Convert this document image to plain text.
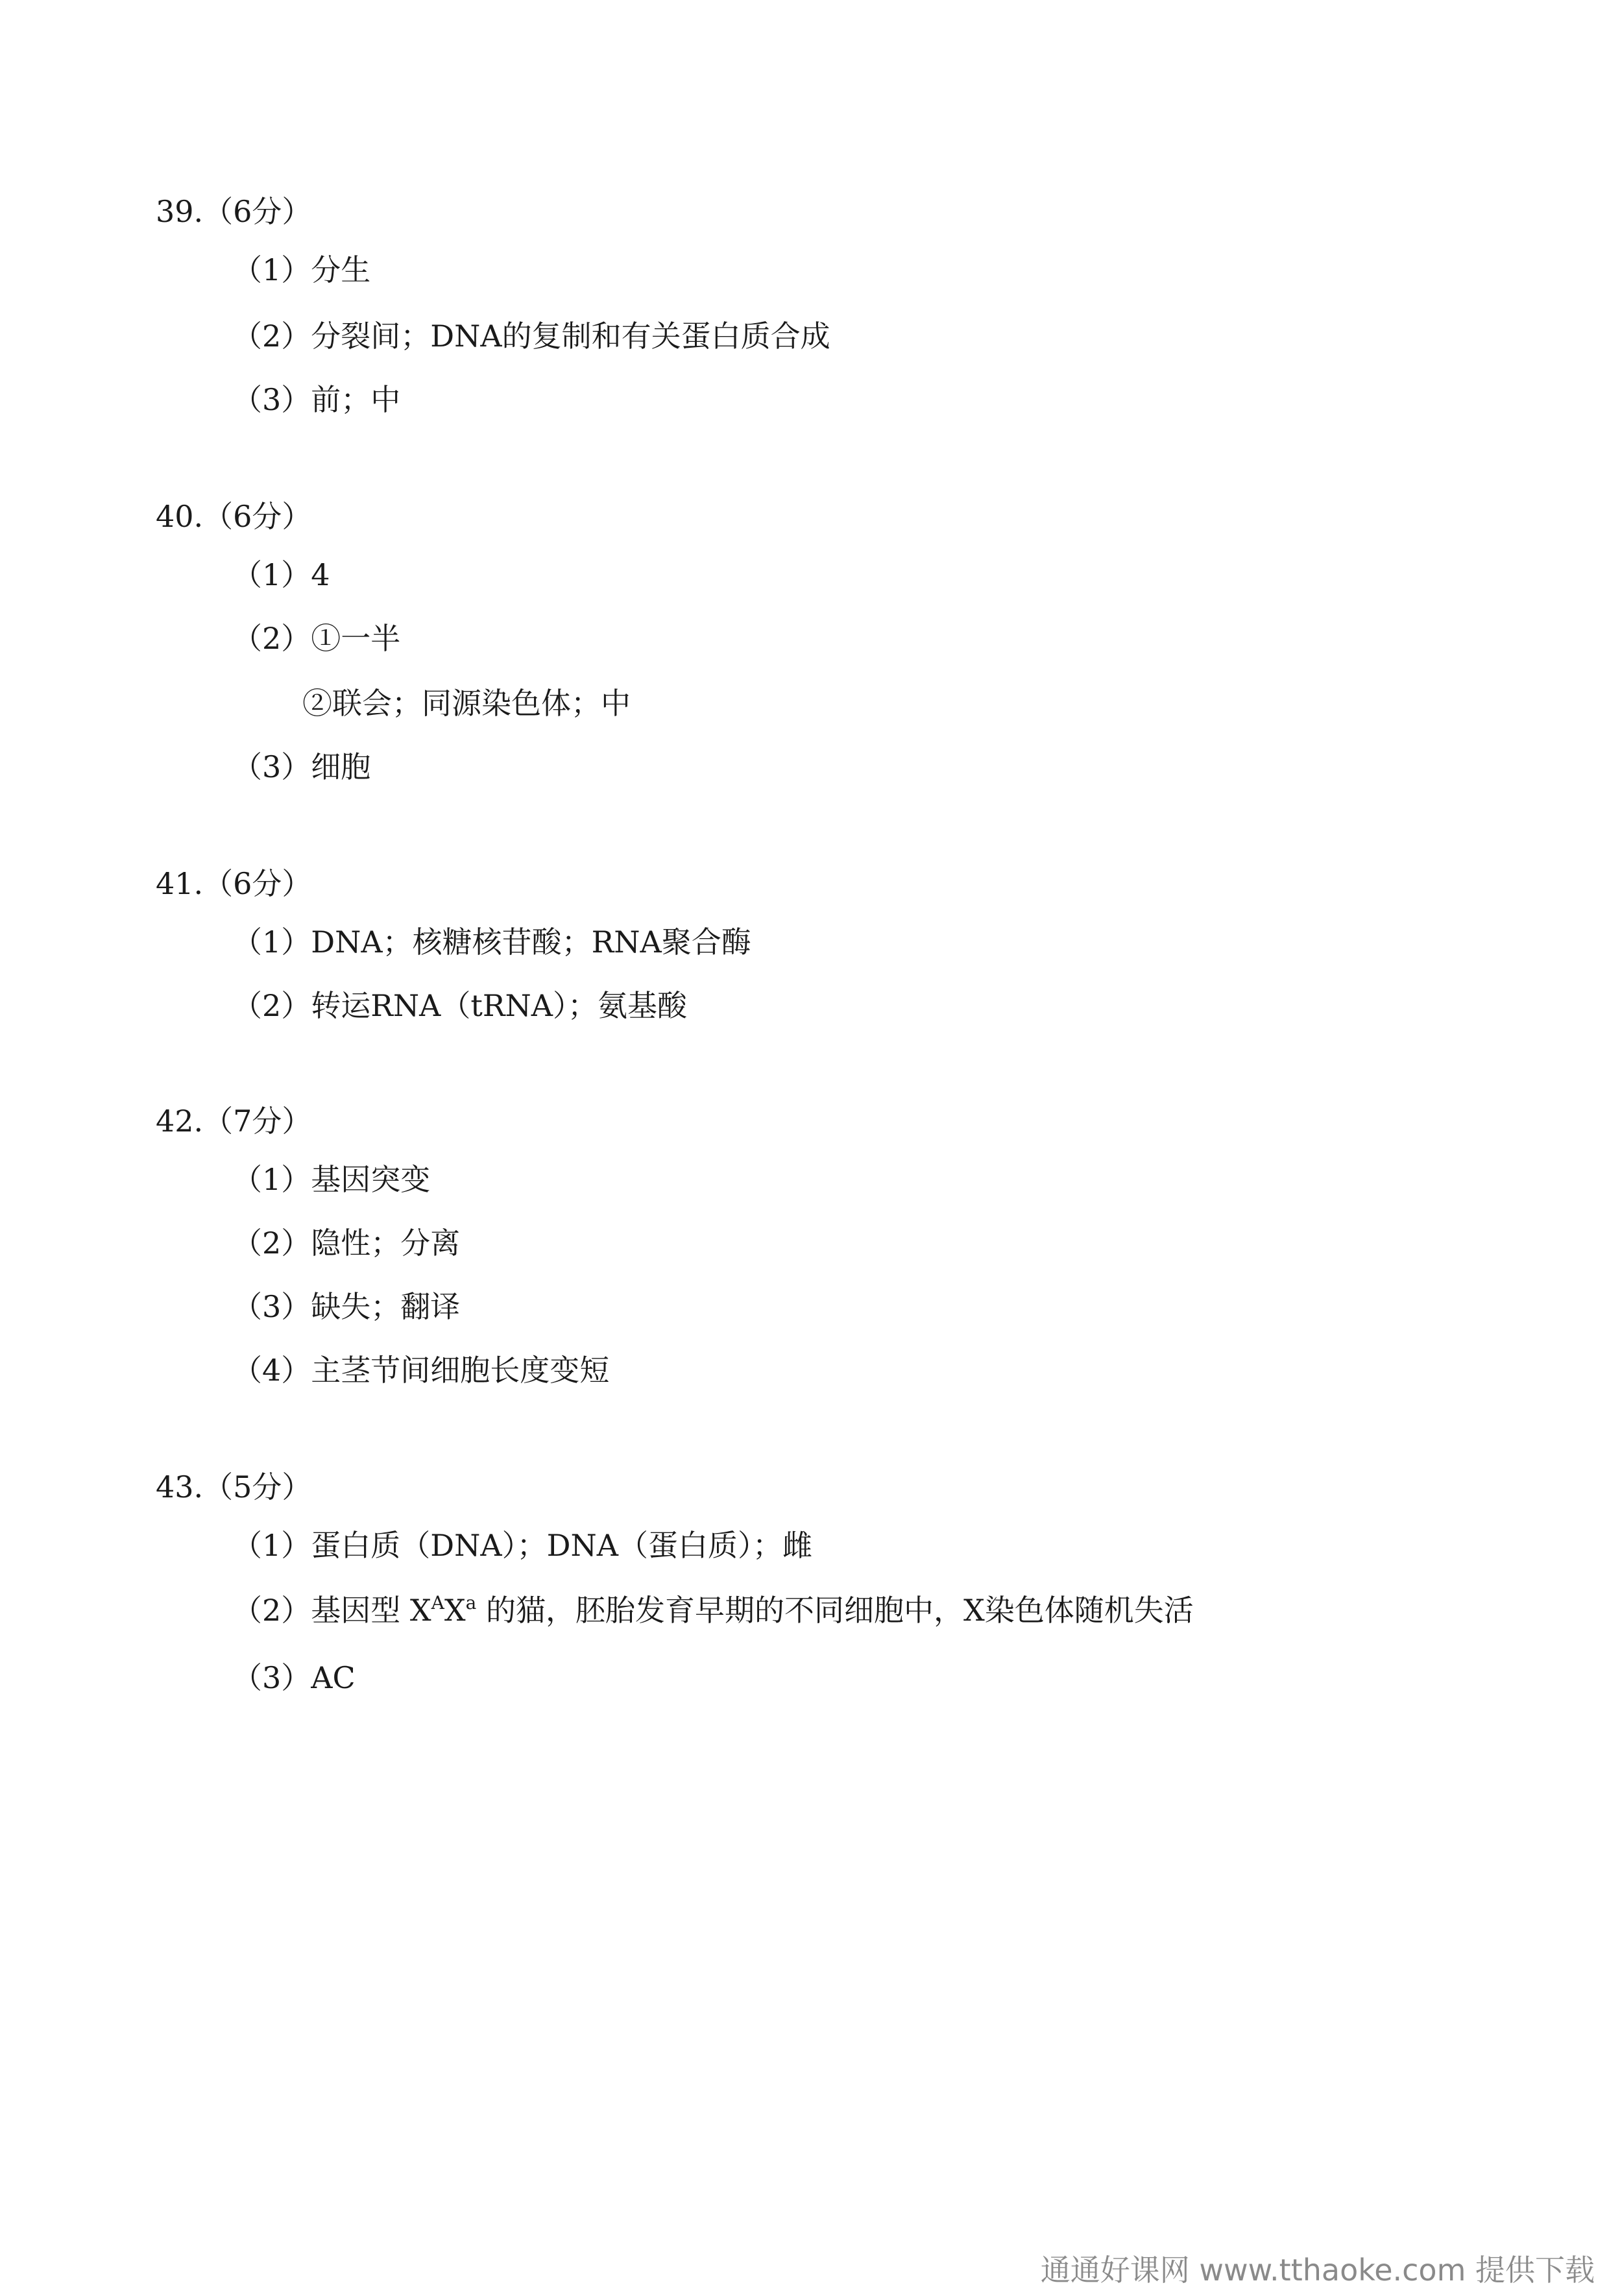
39.（6分）
（1）分生
（2）分裂间；DNA的复制和有关蛋白质合成
（3）前；中
40.（6分）
（1）4
（2）①一半
②联会；同源染色体；中
（3）细胞
41.（6分）
（1）DNA；核糖核苷酸；RNA聚合酶
（2）转运RNA（tRNA）；氨基酸
42.（7分）
（1）基因突变
（2）隐性；分离
（3）缺失；翻译
（4）主茎节间细胞长度变短
43.（5分）
（1）蛋白质（DNA）；DNA（蛋白质）；雌
（2）基因型 $X^AX^a$ 的猫，胚胎发育早期的不同细胞中，X染色体随机失活
（3）AC
通通好课网 www.tthaoke.com 提供下载
